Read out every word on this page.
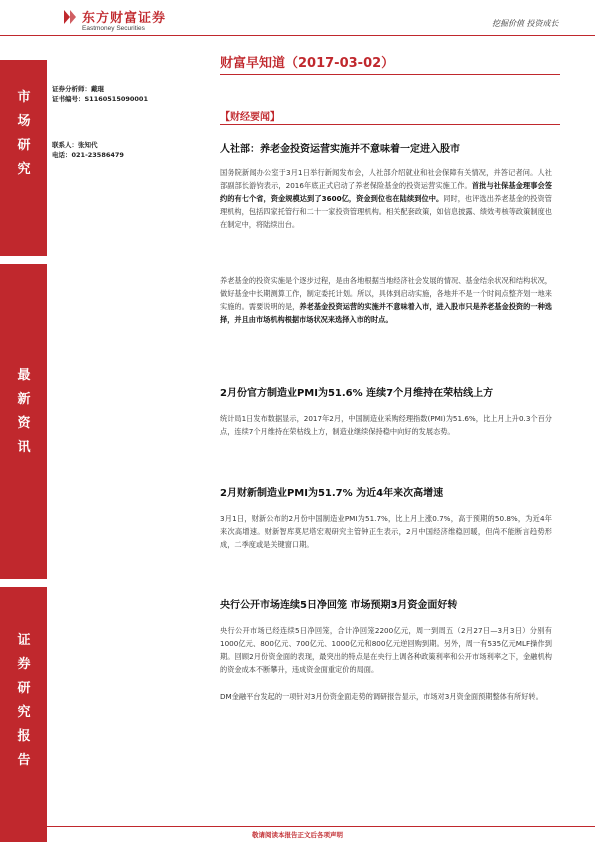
东方财富证券
Eastmoney Securities
挖掘价值 投资成长
市
场
研
究
最
新
资
讯
证
券
研
究
报
告
财富早知道（2017-03-02）
证券分析师：戴琨
证书编号：S1160515090001
联系人：张知代
电话：021-23586479
【财经要闻】
人社部：养老金投资运营实施并不意味着一定进入股市
国务院新闻办公室于3月1日举行新闻发布会，人社部介绍就业和社会保障有关情况，并答记者问。人社部副部长游钧表示，2016年底正式启动了养老保险基金的投资运营实施工作。首批与社保基金理事会签约的有七个省，资金规模达到了3600亿，资金到位也在陆续到位中。同时，也评选出养老基金的投资管理机构，包括四家托管行和二十一家投资管理机构。相关配套政策，如信息披露、绩效考核等政策制度也在制定中，将陆续出台。
养老基金的投资实施是个逐步过程，是由各地根据当地经济社会发展的情况、基金结余状况和结构状况，做好基金中长期测算工作，制定委托计划。所以，具体到启动实施，各地并不是一个时间点整齐划一地来实施的。需要说明的是，养老基金投资运营的实施并不意味着入市，进入股市只是养老基金投资的一种选择，并且由市场机构根据市场状况来选择入市的时点。
2月份官方制造业PMI为51.6% 连续7个月维持在荣枯线上方
统计局1日发布数据显示，2017年2月，中国制造业采购经理指数(PMI)为51.6%，比上月上升0.3个百分点，连续7个月维持在荣枯线上方，制造业继续保持稳中向好的发展态势。
2月财新制造业PMI为51.7% 为近4年来次高增速
3月1日，财新公布的2月份中国制造业PMI为51.7%，比上月上涨0.7%，高于预期的50.8%，为近4年来次高增速。财新智库莫尼塔宏观研究主管钟正生表示，2月中国经济维稳回暖，但尚不能断言趋势形成，二季度或是关键窗口期。
央行公开市场连续5日净回笼 市场预期3月资金面好转
央行公开市场已经连续5日净回笼，合计净回笼2200亿元，周一到周五（2月27日—3月3日）分别有1000亿元、800亿元、700亿元、1000亿元和800亿元逆回购到期。另外，周一有535亿元MLF操作到期。回顾2月份资金面的表现，最突出的特点是在央行上调各种政策利率和公开市场利率之下，金融机构的资金成本不断攀升，违成资金面重定价的局面。
DM金融平台发起的一项针对3月份资金面走势的调研报告显示，市场对3月资金面预期整体有所好转。
敬请阅读本报告正文后各项声明
